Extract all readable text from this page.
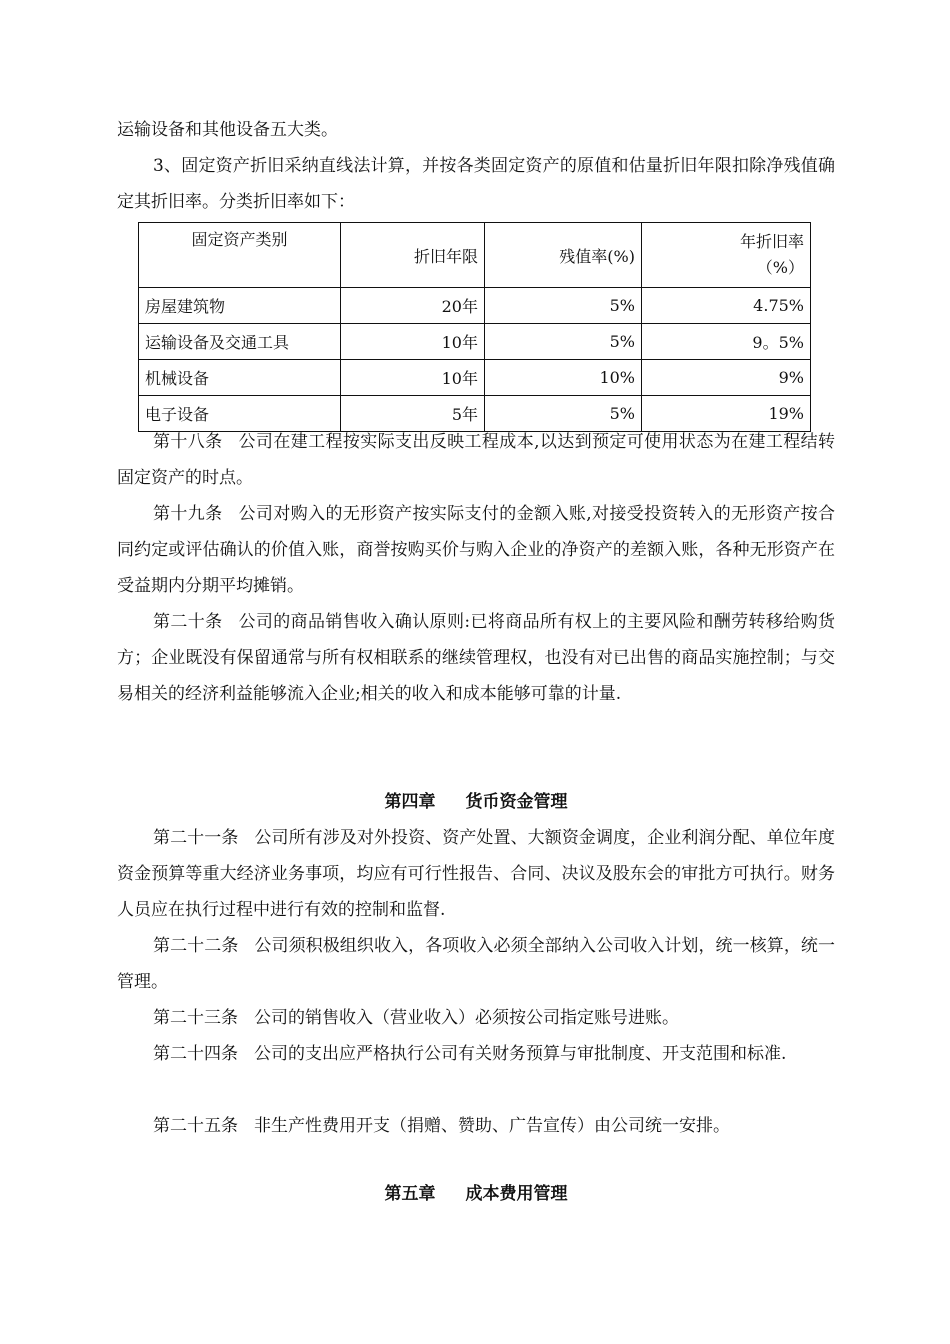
运输设备和其他设备五大类。

3、固定资产折旧采纳直线法计算，并按各类固定资产的原值和估量折旧年限扣除净残值确定其折旧率。分类折旧率如下：

固定资产类别	折旧年限	残值率(%)	年折旧率
（%）
房屋建筑物	20年	5%	4.75%
运输设备及交通工具	10年	5%	9。5%
机械设备	10年	10%	9%
电子设备	5年	5%	19%

第十八条 公司在建工程按实际支出反映工程成本,以达到预定可使用状态为在建工程结转固定资产的时点。

第十九条 公司对购入的无形资产按实际支付的金额入账,对接受投资转入的无形资产按合同约定或评估确认的价值入账，商誉按购买价与购入企业的净资产的差额入账，各种无形资产在受益期内分期平均摊销。

第二十条 公司的商品销售收入确认原则:已将商品所有权上的主要风险和酬劳转移给购货方；企业既没有保留通常与所有权相联系的继续管理权，也没有对已出售的商品实施控制；与交易相关的经济利益能够流入企业;相关的收入和成本能够可靠的计量.

第四章 货币资金管理

第二十一条 公司所有涉及对外投资、资产处置、大额资金调度，企业利润分配、单位年度资金预算等重大经济业务事项，均应有可行性报告、合同、决议及股东会的审批方可执行。财务人员应在执行过程中进行有效的控制和监督.

第二十二条 公司须积极组织收入，各项收入必须全部纳入公司收入计划，统一核算，统一管理。

第二十三条 公司的销售收入（营业收入）必须按公司指定账号进账。

第二十四条 公司的支出应严格执行公司有关财务预算与审批制度、开支范围和标准.

第二十五条 非生产性费用开支（捐赠、赞助、广告宣传）由公司统一安排。

第五章 成本费用管理
